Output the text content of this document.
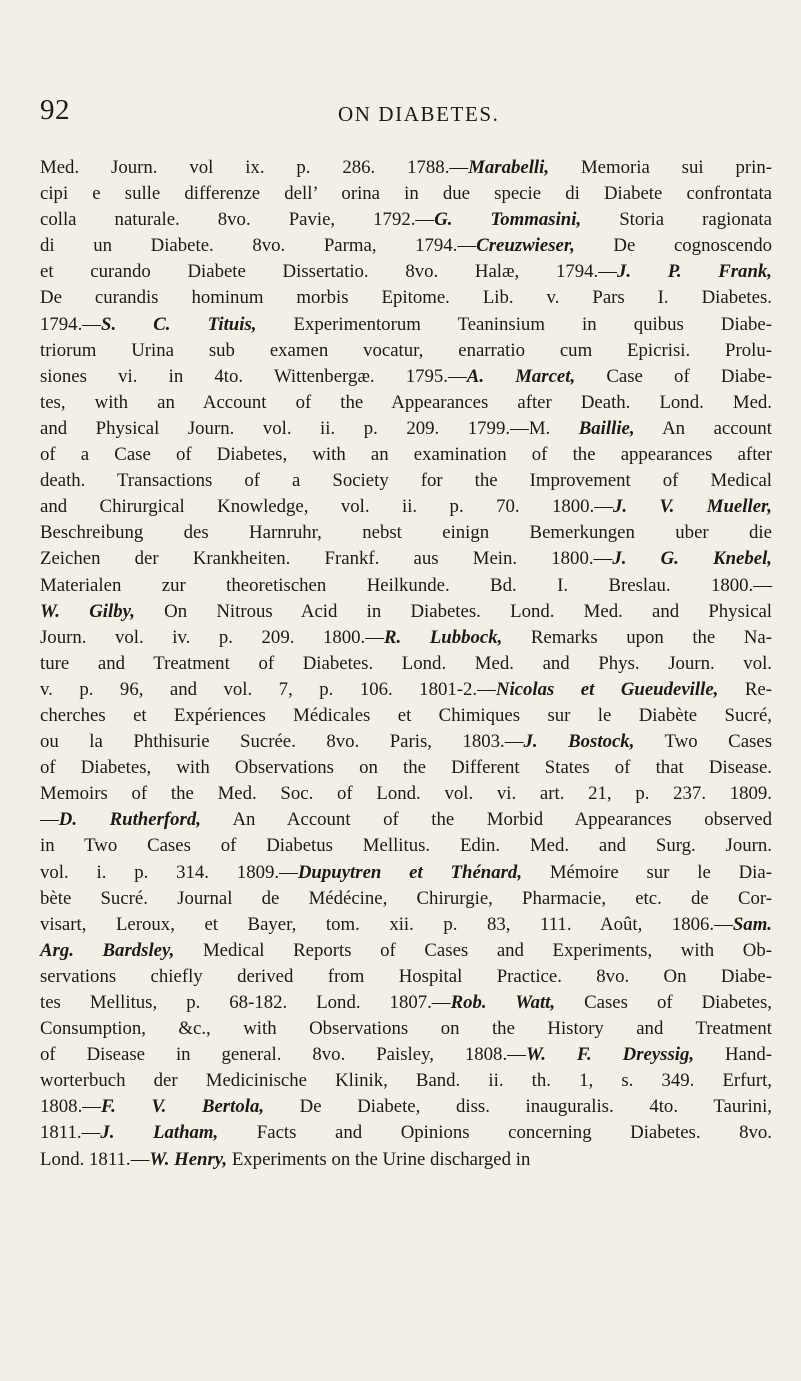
92	ON DIABETES.
Med. Journ. vol ix. p. 286. 1788.—Marabelli, Memoria sui prin-
cipi e sulle differenze dell’ orina in due specie di Diabete confrontata
colla naturale. 8vo. Pavie, 1792.—G. Tommasini, Storia ragionata
di un Diabete. 8vo. Parma, 1794.—Creuzwieser, De cognoscendo
et curando Diabete Dissertatio. 8vo. Halæ, 1794.—J. P. Frank,
De curandis hominum morbis Epitome. Lib. v. Pars I. Diabetes.
1794.—S. C. Tituis, Experimentorum Teaninsium in quibus Diabe-
triorum Urina sub examen vocatur, enarratio cum Epicrisi. Prolu-
siones vi. in 4to. Wittenbergæ. 1795.—A. Marcet, Case of Diabe-
tes, with an Account of the Appearances after Death. Lond. Med.
and Physical Journ. vol. ii. p. 209. 1799.—M. Baillie, An account
of a Case of Diabetes, with an examination of the appearances after
death. Transactions of a Society for the Improvement of Medical
and Chirurgical Knowledge, vol. ii. p. 70. 1800.—J. V. Mueller,
Beschreibung des Harnruhr, nebst einign Bemerkungen uber die
Zeichen der Krankheiten. Frankf. aus Mein. 1800.—J. G. Knebel,
Materialen zur theoretischen Heilkunde. Bd. I. Breslau. 1800.—
W. Gilby, On Nitrous Acid in Diabetes. Lond. Med. and Physical
Journ. vol. iv. p. 209. 1800.—R. Lubbock, Remarks upon the Na-
ture and Treatment of Diabetes. Lond. Med. and Phys. Journ. vol.
v. p. 96, and vol. 7, p. 106. 1801-2.—Nicolas et Gueudeville, Re-
cherches et Expériences Médicales et Chimiques sur le Diabète Sucré,
ou la Phthisurie Sucrée. 8vo. Paris, 1803.—J. Bostock, Two Cases
of Diabetes, with Observations on the Different States of that Disease.
Memoirs of the Med. Soc. of Lond. vol. vi. art. 21, p. 237. 1809.
—D. Rutherford, An Account of the Morbid Appearances observed
in Two Cases of Diabetus Mellitus. Edin. Med. and Surg. Journ.
vol. i. p. 314. 1809.—Dupuytren et Thénard, Mémoire sur le Dia-
bète Sucré. Journal de Médécine, Chirurgie, Pharmacie, etc. de Cor-
visart, Leroux, et Bayer, tom. xii. p. 83, 111. Août, 1806.—Sam.
Arg. Bardsley, Medical Reports of Cases and Experiments, with Ob-
servations chiefly derived from Hospital Practice. 8vo. On Diabe-
tes Mellitus, p. 68-182. Lond. 1807.—Rob. Watt, Cases of Diabetes,
Consumption, &c., with Observations on the History and Treatment
of Disease in general. 8vo. Paisley, 1808.—W. F. Dreyssig, Hand-
worterbuch der Medicinische Klinik, Band. ii. th. 1, s. 349. Erfurt,
1808.—F. V. Bertola, De Diabete, diss. inauguralis. 4to. Taurini,
1811.—J. Latham, Facts and Opinions concerning Diabetes. 8vo.
Lond. 1811.—W. Henry, Experiments on the Urine discharged in
